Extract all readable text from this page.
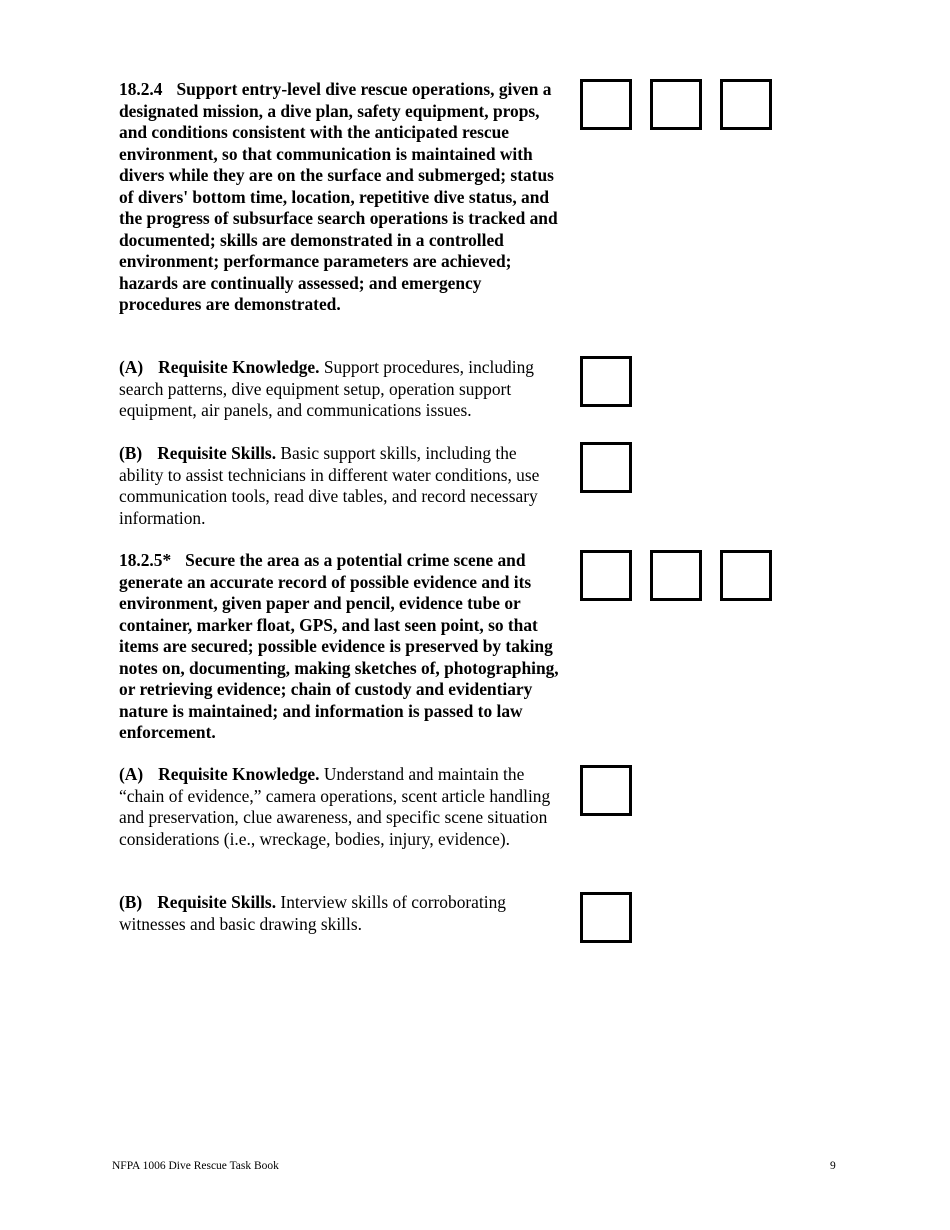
18.2.4 Support entry-level dive rescue operations, given a designated mission, a dive plan, safety equipment, props, and conditions consistent with the anticipated rescue environment, so that communication is maintained with divers while they are on the surface and submerged; status of divers' bottom time, location, repetitive dive status, and the progress of subsurface search operations is tracked and documented; skills are demonstrated in a controlled environment; performance parameters are achieved; hazards are continually assessed; and emergency procedures are demonstrated.

(A) Requisite Knowledge. Support procedures, including search patterns, dive equipment setup, operation support equipment, air panels, and communications issues.

(B) Requisite Skills. Basic support skills, including the ability to assist technicians in different water conditions, use communication tools, read dive tables, and record necessary information.

18.2.5* Secure the area as a potential crime scene and generate an accurate record of possible evidence and its environment, given paper and pencil, evidence tube or container, marker float, GPS, and last seen point, so that items are secured; possible evidence is preserved by taking notes on, documenting, making sketches of, photographing, or retrieving evidence; chain of custody and evidentiary nature is maintained; and information is passed to law enforcement.

(A) Requisite Knowledge. Understand and maintain the “chain of evidence,” camera operations, scent article handling and preservation, clue awareness, and specific scene situation considerations (i.e., wreckage, bodies, injury, evidence).

(B) Requisite Skills. Interview skills of corroborating witnesses and basic drawing skills.

NFPA 1006 Dive Rescue Task Book	9
